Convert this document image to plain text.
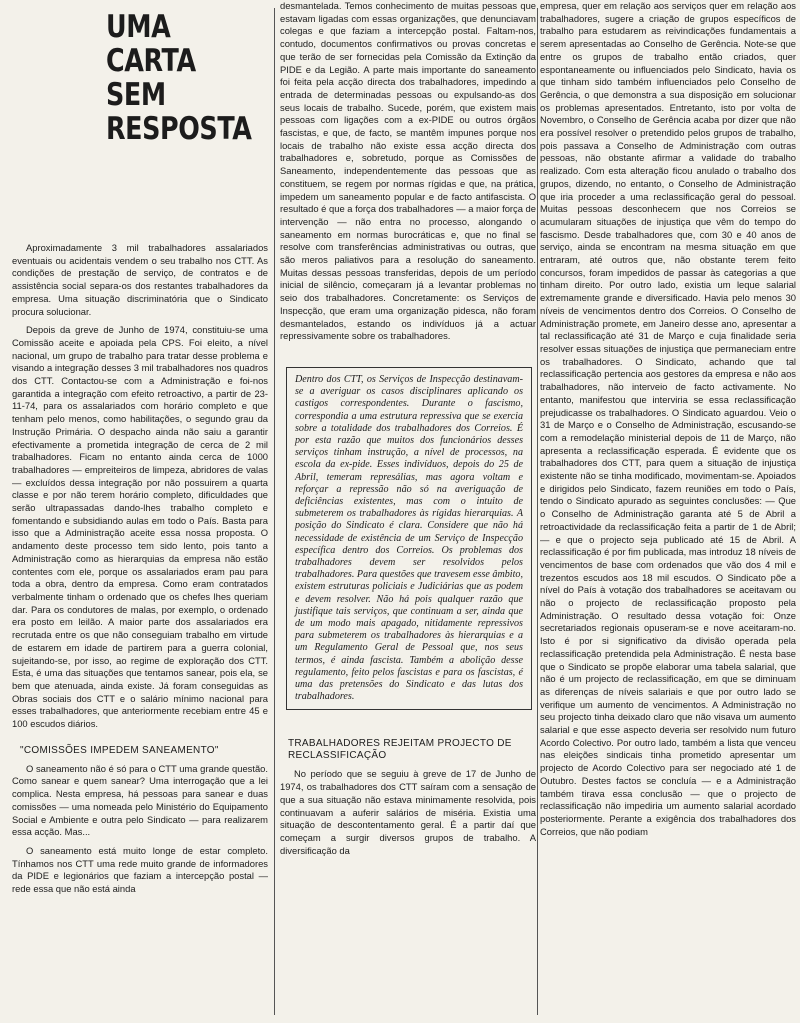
UMA CARTA
SEM
RESPOSTA

Aproximadamente 3 mil trabalhadores assalariados eventuais ou acidentais vendem o seu trabalho nos CTT. As condições de prestação de serviço, de contratos e de assistência social separa-os dos restantes trabalhadores da empresa. Uma situação discriminatória que o Sindicato procura solucionar.

Depois da greve de Junho de 1974, constituiu-se uma Comissão aceite e apoiada pela CPS. Foi eleito, a nível nacional, um grupo de trabalho para tratar desse problema e visando a integração desses 3 mil trabalhadores nos quadros dos CTT. Contactou-se com a Administração e foi-nos garantida a integração com efeito retroactivo, a partir de 23-11-74, para os assalariados com horário completo e que tenham pelo menos, como habilitações, o segundo grau da Instrução Primária. O despacho ainda não saiu a garantir efectivamente a prometida integração de cerca de 2 mil trabalhadores. Ficam no entanto ainda cerca de 1000 trabalhadores — empreiteiros de limpeza, abridores de valas — excluídos dessa integração por não possuirem a quarta classe e por não terem horário completo, dificuldades que serão ultrapassadas dando-lhes trabalho completo e fomentando e subsidiando aulas em todo o País. Basta para isso que a Administração aceite essa nossa proposta. O andamento deste processo tem sido lento, pois tanto a Administração como as hierarquias da empresa não estão contentes com ele, porque os assalariados eram pau para toda a obra, dentro da empresa. Como eram contratados verbalmente tinham o ordenado que os chefes lhes queriam dar. Para os condutores de malas, por exemplo, o ordenado era posto em leilão. A maior parte dos assalariados era recrutada entre os que não conseguiam trabalho em virtude de estarem em idade de partirem para a guerra colonial, sujeitando-se, por isso, ao regime de exploração dos CTT. Esta, é uma das situações que tentamos sanear, pois ela, se bem que atenuada, ainda existe. Já foram conseguidas as Obras sociais dos CTT e o salário mínimo nacional para esses trabalhadores, que anteriormente recebiam entre 45 e 100 escudos diários.

"COMISSÕES IMPEDEM SANEAMENTO"

O saneamento não é só para o CTT uma grande questão. Como sanear e quem sanear? Uma interrogação que a lei complica. Nesta empresa, há pessoas para sanear e duas comissões — uma nomeada pelo Ministério do Equipamento Social e Ambiente e outra pelo Sindicato — para realizarem essa acção. Mas...

O saneamento está muito longe de estar completo. Tínhamos nos CTT uma rede muito grande de informadores da PIDE e legionários que faziam a intercepção postal — rede essa que não está ainda

desmantelada. Temos conhecimento de muitas pessoas que estavam ligadas com essas organizações, que denunciavam colegas e que faziam a intercepção postal. Faltam-nos, contudo, documentos confirmativos ou provas concretas e que terão de ser fornecidas pela Comissão da Extinção da PIDE e da Legião. A parte mais importante do saneamento foi feita pela acção directa dos trabalhadores, impedindo a entrada de determinadas pessoas ou expulsando-as dos seus locais de trabalho. Sucede, porém, que existem mais pessoas com ligações com a ex-PIDE ou outros órgãos fascistas, e que, de facto, se mantêm impunes porque nos locais de trabalho não existe essa acção directa dos trabalhadores e, sobretudo, porque as Comissões de Saneamento, independentemente das pessoas que as constituem, se regem por normas rígidas e que, na prática, impedem um saneamento popular e de facto antifascista. O resultado é que a força dos trabalhadores — a maior força de intervenção — não entra no processo, alongando o saneamento em normas burocráticas e, que no final se resolve com transferências administrativas ou outras, que são meros paliativos para a resolução do saneamento. Muitas dessas pessoas transferidas, depois de um período inicial de silêncio, começaram já a levantar problemas no seio dos trabalhadores. Concretamente: os Serviços de Inspecção, que eram uma organização pidesca, não foram desmantelados, estando os indivíduos já a actuar repressivamente sobre os trabalhadores.

Dentro dos CTT, os Serviços de Inspecção destinavam-se a averiguar os casos disciplinares aplicando os castigos correspondentes. Durante o fascismo, correspondia a uma estrutura repressiva que se exercia sobre a totalidade dos trabalhadores dos Correios. É por esta razão que muitos dos funcionários desses serviços tinham instrução, a nível de processos, na escola da ex-pide. Esses indivíduos, depois do 25 de Abril, temeram represálias, mas agora voltam e reforçar a repressão não só na averiguação de deficiências existentes, mas com o intuito de submeterem os trabalhadores às rígidas hierarquias. A posição do Sindicato é clara. Considere que não há necessidade de existência de um Serviço de Inspecção específica dentro dos Correios. Os problemas dos trabalhadores devem ser resolvidos pelos trabalhadores. Para questões que travesem esse âmbito, existem estruturas policiais e Judiciárias que as podem e devem resolver. Não há pois qualquer razão que justifique tais serviços, que continuam a ser, ainda que de um modo mais apagado, nitidamente repressivos para submeterem os trabalhadores às hierarquias e a um Regulamento Geral de Pessoal que, nos seus termos, é ainda fascista. Também a abolição desse regulamento, feito pelos fascistas e para os fascistas, é uma das pretensões do Sindicato e das lutas dos trabalhadores.

TRABALHADORES REJEITAM PROJECTO DE RECLASSIFICAÇÃO

No período que se seguiu à greve de 17 de Junho de 1974, os trabalhadores dos CTT saíram com a sensação de que a sua situação não estava minimamente resolvida, pois continuavam a auferir salários de miséria. Existia uma situação de descontentamento geral. É a partir daí que começam a surgir diversos grupos de trabalho. A diversificação da

empresa, quer em relação aos serviços quer em relação aos trabalhadores, sugere a criação de grupos específicos de trabalho para estudarem as reivindicações fundamentais a serem apresentadas ao Conselho de Gerência. Note-se que entre os grupos de trabalho então criados, quer espontaneamente ou influenciados pelo Sindicato, havia os que tinham sido também influenciados pelo Conselho de Gerência, o que demonstra a sua disposição em solucionar os problemas apresentados. Entretanto, isto por volta de Novembro, o Conselho de Gerência acaba por dizer que não era possível resolver o pretendido pelos grupos de trabalho, pois passava a Conselho de Administração com outras pessoas, não obstante afirmar a validade do trabalho realizado. Com esta alteração ficou anulado o trabalho dos grupos, dizendo, no entanto, o Conselho de Administração que iria proceder a uma reclassificação geral do pessoal. Muitas pessoas desconhecem que nos Correios se acumularam situações de injustiça que vêm do tempo do fascismo. Desde trabalhadores que, com 30 e 40 anos de serviço, ainda se encontram na mesma situação em que entraram, até outros que, não obstante terem feito concursos, foram impedidos de passar às categorias a que tinham direito. Por outro lado, existia um leque salarial extremamente grande e diversificado. Havia pelo menos 30 níveis de vencimentos dentro dos Correios. O Conselho de Administração promete, em Janeiro desse ano, apresentar a tal reclassificação até 31 de Março e cuja finalidade seria resolver essas situações de injustiça que permaneciam entre os trabalhadores. O Sindicato, achando que tal reclassificação pertencia aos gestores da empresa e não aos trabalhadores, não interveio de facto activamente. No entanto, manifestou que interviria se essa reclassificação prejudicasse os trabalhadores. O Sindicato aguardou. Veio o 31 de Março e o Conselho de Administração, escusando-se com a remodelação ministerial depois de 11 de Março, não apresenta a reclassificação esperada. É evidente que os trabalhadores dos CTT, para quem a situação de injustiça existente não se tinha modificado, movimentam-se. Apoiados e dirigidos pelo Sindicato, fazem reuniões em todo o País, tendo o Sindicato apurado as seguintes conclusões: — Que o Conselho de Administração garanta até 5 de Abril a retroactividade da reclassificação feita a partir de 1 de Abril; — e que o projecto seja publicado até 15 de Abril. A reclassificação é por fim publicada, mas introduz 18 níveis de vencimentos de base com ordenados que vão dos 4 mil e trezentos escudos aos 18 mil escudos. O Sindicato põe a nível do País à votação dos trabalhadores se aceitavam ou não o projecto de reclassificação proposto pela Administração. O resultado dessa votação foi: Onze secretariados regionais opuseram-se e nove aceitaram-no. Isto é por si significativo da divisão operada pela reclassificação pretendida pela Administração. É nesta base que o Sindicato se propõe elaborar uma tabela salarial, que não é um projecto de reclassificação, em que se diminuam as diferenças de níveis salariais e que por outro lado se verifique um aumento de vencimentos. A Administração no seu projecto tinha deixado claro que não visava um aumento salarial e que esse aspecto deveria ser resolvido num futuro Acordo Colectivo. Por outro lado, também a lista que venceu nas eleições sindicais tinha prometido apresentar um projecto de Acordo Colectivo para ser negociado até 1 de Outubro. Destes factos se concluía — e a Administração também tirava essa conclusão — que o projecto de reclassificação não impediria um aumento salarial acordado posteriormente. Perante a exigência dos trabalhadores dos Correios, que não podiam
